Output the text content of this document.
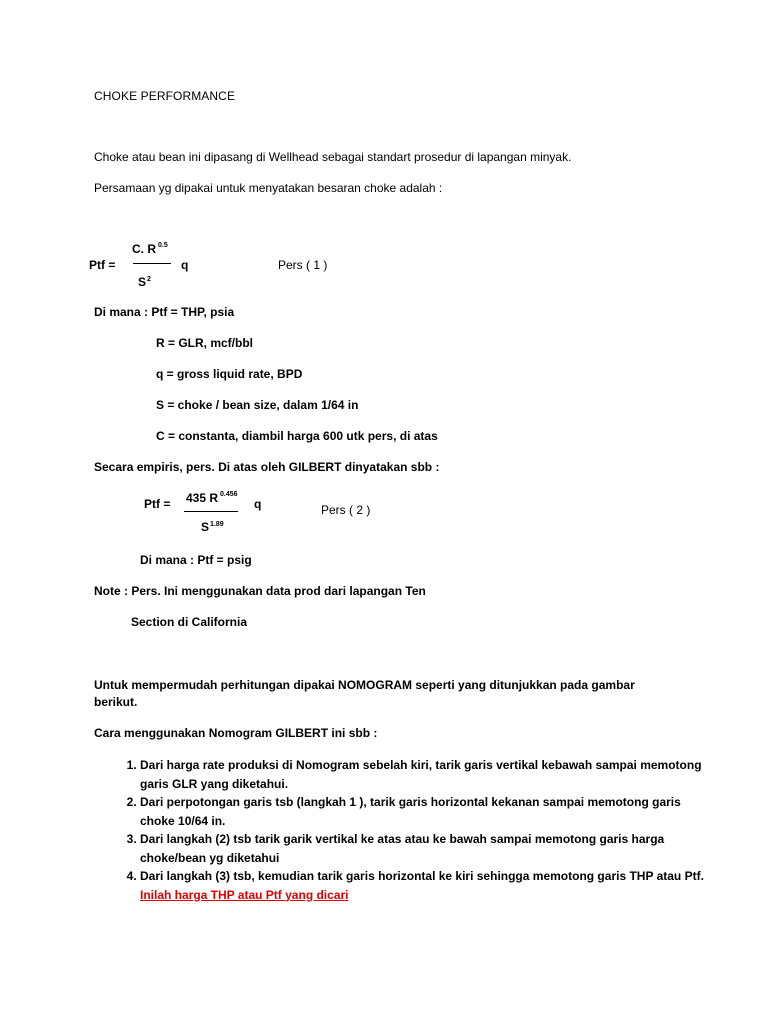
CHOKE PERFORMANCE
Choke atau bean ini dipasang di Wellhead sebagai standart prosedur di lapangan minyak.
Persamaan yg dipakai untuk menyatakan besaran choke adalah :
Ptf =
C. R $^{0.5}$
$S^2$
q	Pers ( 1 )
Di mana : Ptf = THP, psia
R = GLR, mcf/bbl
q = gross liquid rate, BPD
S = choke / bean size, dalam 1/64 in
C = constanta, diambil harga 600 utk pers, di atas
Secara empiris, pers. Di atas oleh GILBERT dinyatakan sbb :
Ptf = 435 R $^{0.456}$
$S^{1.89}$
q	Pers ( 2 )
Di mana : Ptf = psig
Note : Pers. Ini menggunakan data prod dari lapangan Ten
Section di California
Untuk mempermudah perhitungan dipakai NOMOGRAM seperti yang ditunjukkan pada gambar berikut.
Cara menggunakan Nomogram GILBERT ini sbb :
1. Dari harga rate produksi di Nomogram sebelah kiri, tarik garis vertikal kebawah sampai memotong garis GLR yang diketahui.
2. Dari perpotongan garis tsb (langkah 1 ), tarik garis horizontal kekanan sampai memotong garis choke 10/64 in.
3. Dari langkah (2) tsb tarik garik vertikal ke atas atau ke bawah sampai memotong garis harga choke/bean yg diketahui
4. Dari langkah (3) tsb, kemudian tarik garis horizontal ke kiri sehingga memotong garis THP atau Ptf. Inilah harga THP atau Ptf yang dicari
